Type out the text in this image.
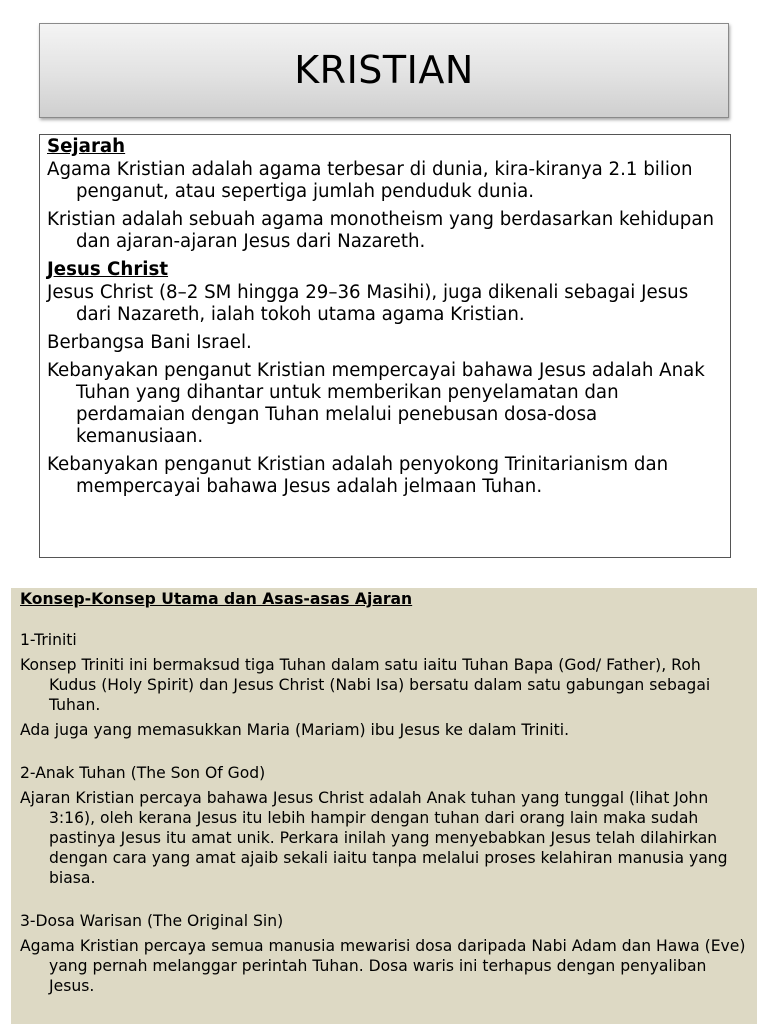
KRISTIAN
Sejarah
Agama Kristian adalah agama terbesar di dunia, kira-kiranya 2.1 bilion penganut, atau sepertiga jumlah penduduk dunia.
Kristian adalah sebuah agama monotheism yang berdasarkan kehidupan dan ajaran-ajaran Jesus dari Nazareth.
Jesus Christ
Jesus Christ (8–2 SM hingga 29–36 Masihi), juga dikenali sebagai Jesus dari Nazareth, ialah tokoh utama agama Kristian.
Berbangsa Bani Israel.
Kebanyakan penganut Kristian mempercayai bahawa Jesus adalah Anak Tuhan yang dihantar untuk memberikan penyelamatan dan perdamaian dengan Tuhan melalui penebusan dosa-dosa kemanusiaan.
Kebanyakan penganut Kristian adalah penyokong Trinitarianism dan mempercayai bahawa Jesus adalah jelmaan Tuhan.
Konsep-Konsep Utama dan Asas-asas Ajaran
1-Triniti
Konsep Triniti ini bermaksud tiga Tuhan dalam satu iaitu Tuhan Bapa (God/ Father), Roh Kudus (Holy Spirit) dan Jesus Christ (Nabi Isa) bersatu dalam satu gabungan sebagai Tuhan.
Ada juga yang memasukkan Maria (Mariam) ibu Jesus ke dalam Triniti.
2-Anak Tuhan (The Son Of God)
Ajaran Kristian percaya bahawa Jesus Christ adalah Anak tuhan yang tunggal (lihat John 3:16), oleh kerana Jesus itu lebih hampir dengan tuhan dari orang lain maka sudah pastinya Jesus itu amat unik. Perkara inilah yang menyebabkan Jesus telah dilahirkan dengan cara yang amat ajaib sekali iaitu tanpa melalui proses kelahiran manusia yang biasa.
3-Dosa Warisan (The Original Sin)
Agama Kristian percaya semua manusia mewarisi dosa daripada Nabi Adam dan Hawa (Eve) yang pernah melanggar perintah Tuhan. Dosa waris ini terhapus dengan penyaliban Jesus.
